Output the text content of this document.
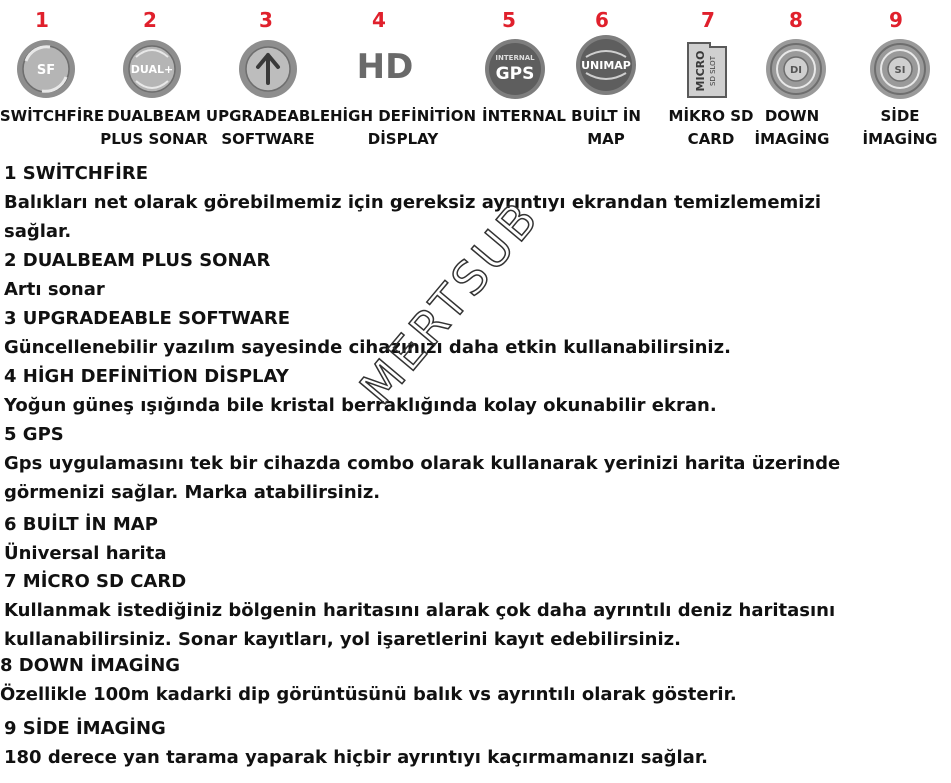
1	2	3	4	5	6	7	8	9
SF	DUAL+	HD	INTERNAL
GPS	UNIMAP	MICRO SD SLOT	DI	SI
SWİTCHFİRE DUALBEAM
PLUS SONAR
UPGRADEABLE
SOFTWARE
HİGH DEFİNİTİON
DİSPLAY
İNTERNAL BUİLT İN
MAP
MİKRO SD
CARD
DOWN
İMAGİNG
SİDE
İMAGİNG
1 SWİTCHFİRE
Balıkları net olarak görebilmemiz için gereksiz ayrıntıyı ekrandan temizlememizi
sağlar.
2 DUALBEAM PLUS SONAR
Artı sonar
3 UPGRADEABLE SOFTWARE
Güncellenebilir yazılım sayesinde cihazınızı daha etkin kullanabilirsiniz.
4 HİGH DEFİNİTİON DİSPLAY
Yoğun güneş ışığında bile kristal berraklığında kolay okunabilir ekran.
5 GPS
Gps uygulamasını tek bir cihazda combo olarak kullanarak yerinizi harita üzerinde
görmenizi sağlar. Marka atabilirsiniz.
6 BUİLT İN MAP
Üniversal harita
7 MİCRO SD CARD
Kullanmak istediğiniz bölgenin haritasını alarak çok daha ayrıntılı deniz haritasını
kullanabilirsiniz. Sonar kayıtları, yol işaretlerini kayıt edebilirsiniz.
8 DOWN İMAGİNG
Özellikle 100m kadarki dip görüntüsünü balık vs ayrıntılı olarak gösterir.
9 SİDE İMAGİNG
180 derece yan tarama yaparak hiçbir ayrıntıyı kaçırmamanızı sağlar.
MERTSUB
